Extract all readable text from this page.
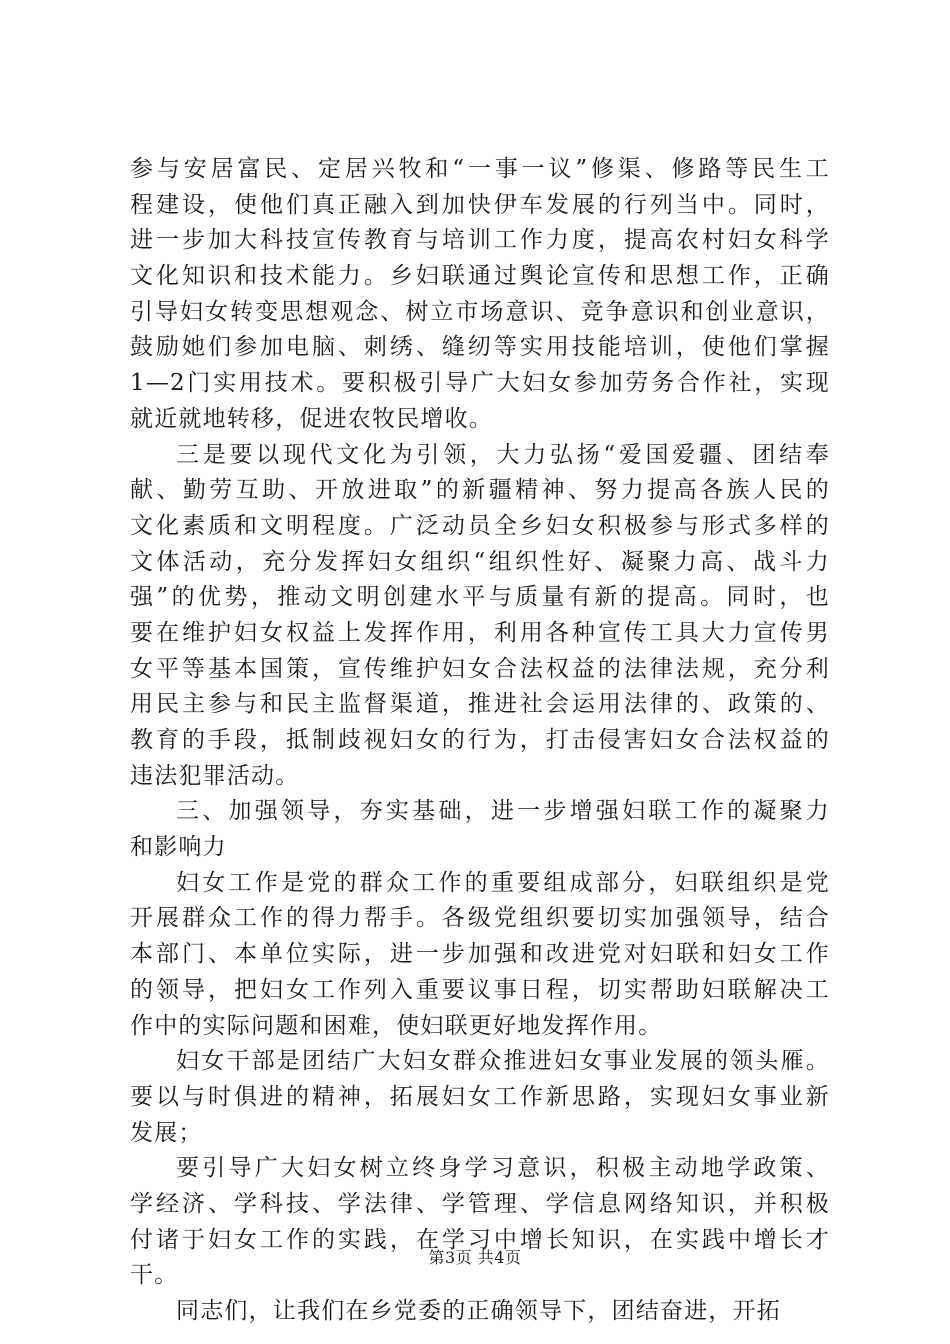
参与安居富民、定居兴牧和“一事一议”修渠、修路等民生工
程建设，使他们真正融入到加快伊车发展的行列当中。同时，
进一步加大科技宣传教育与培训工作力度，提高农村妇女科学
文化知识和技术能力。乡妇联通过舆论宣传和思想工作，正确
引导妇女转变思想观念、树立市场意识、竞争意识和创业意识，
鼓励她们参加电脑、刺绣、缝纫等实用技能培训，使他们掌握
1—2门实用技术。要积极引导广大妇女参加劳务合作社，实现
就近就地转移，促进农牧民增收。
三是要以现代文化为引领，大力弘扬“爱国爱疆、团结奉
献、勤劳互助、开放进取”的新疆精神、努力提高各族人民的
文化素质和文明程度。广泛动员全乡妇女积极参与形式多样的
文体活动，充分发挥妇女组织“组织性好、凝聚力高、战斗力
强”的优势，推动文明创建水平与质量有新的提高。同时，也
要在维护妇女权益上发挥作用，利用各种宣传工具大力宣传男
女平等基本国策，宣传维护妇女合法权益的法律法规，充分利
用民主参与和民主监督渠道，推进社会运用法律的、政策的、
教育的手段，抵制歧视妇女的行为，打击侵害妇女合法权益的
违法犯罪活动。
三、加强领导，夯实基础，进一步增强妇联工作的凝聚力
和影响力
妇女工作是党的群众工作的重要组成部分，妇联组织是党
开展群众工作的得力帮手。各级党组织要切实加强领导，结合
本部门、本单位实际，进一步加强和改进党对妇联和妇女工作
的领导，把妇女工作列入重要议事日程，切实帮助妇联解决工
作中的实际问题和困难，使妇联更好地发挥作用。
妇女干部是团结广大妇女群众推进妇女事业发展的领头雁。
要以与时俱进的精神，拓展妇女工作新思路，实现妇女事业新
发展；
要引导广大妇女树立终身学习意识，积极主动地学政策、
学经济、学科技、学法律、学管理、学信息网络知识，并积极
付诸于妇女工作的实践，在学习中增长知识，在实践中增长才
干。
同志们，让我们在乡党委的正确领导下，团结奋进，开拓
第3页 共4页
